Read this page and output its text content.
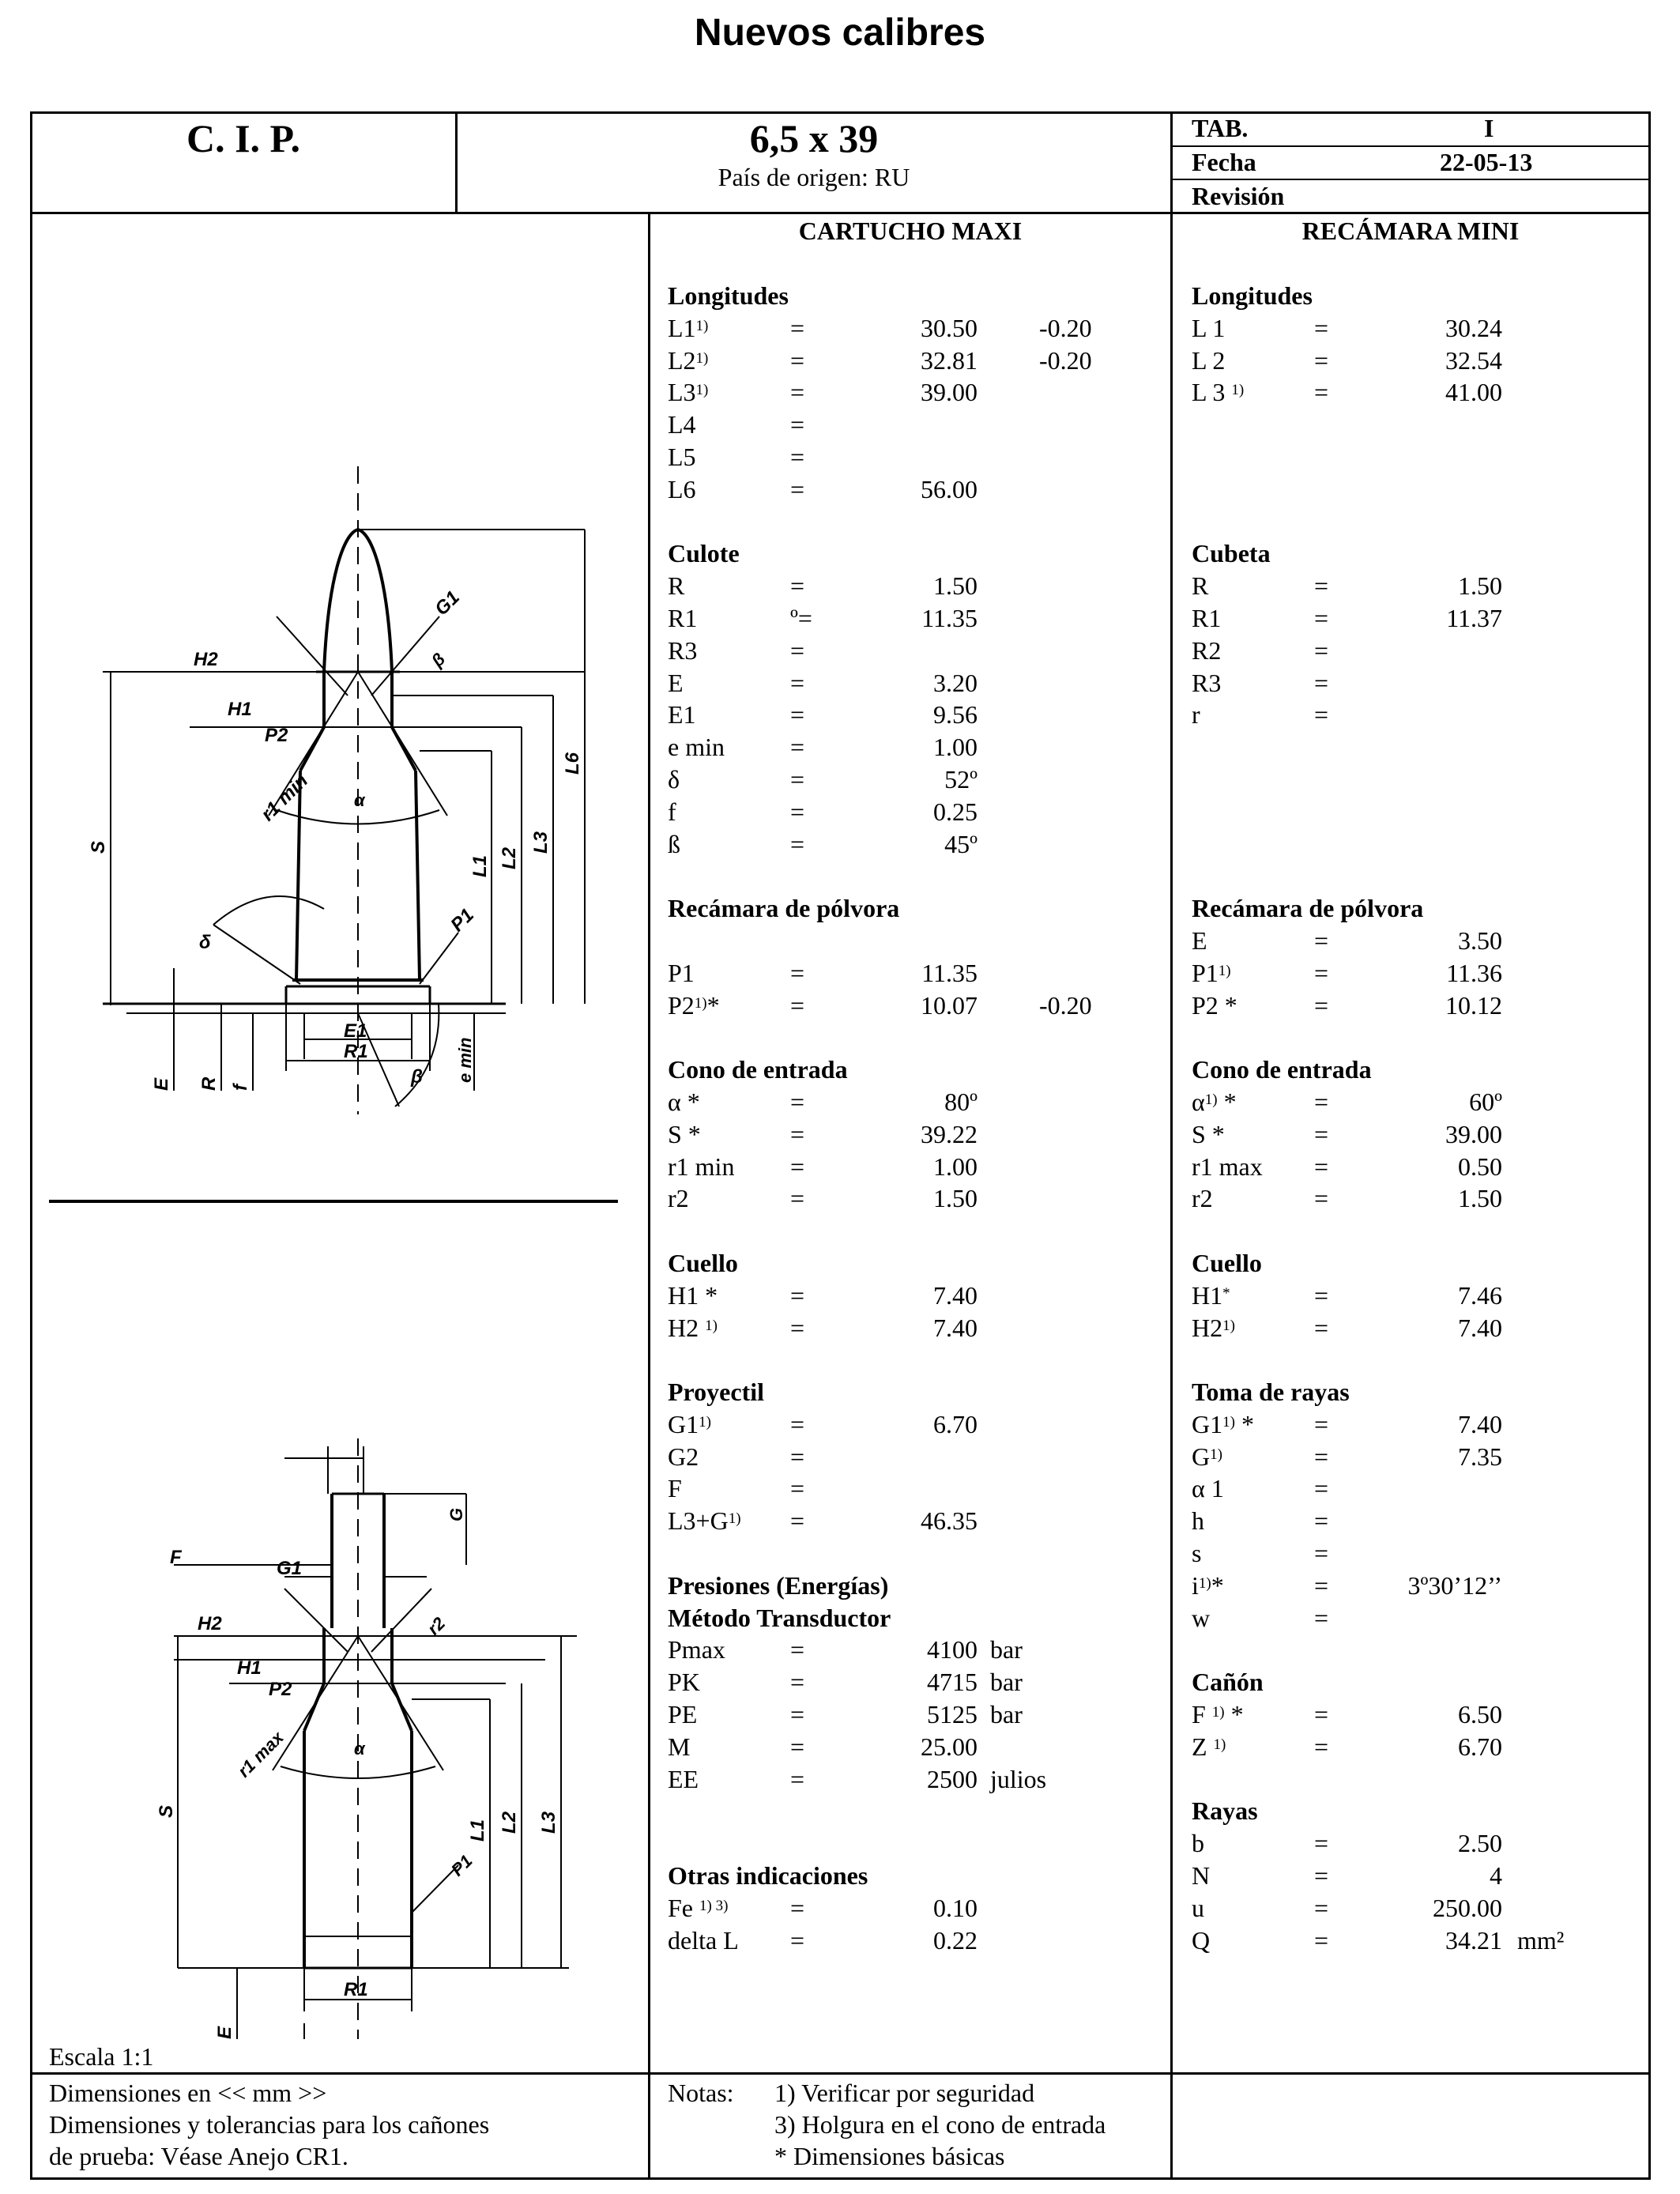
Nuevos calibres
C. I. P.	6,5 x 39
País de origen: RU
TAB.	I
Fecha	22-05-13
Revisión
CARTUCHO MAXI	RECÁMARA MINI
Longitudes
$L1^{1)}$	=	30.50 -0.20
$L2^{1)}$	=	32.81 -0.20
$L3^{1)}$	=	39.00
L4	=
L5	=
L6	=	56.00
Culote
R	=	1.50
R1	º=	11.35
R3	=
E	=	3.20
E1	=	9.56
e min	=	1.00
δ	=	52º
f	=	0.25
ß	=	45º
Recámara de pólvora
P1	=	11.35
$P2^{1)}*$	=	10.07 -0.20
Cono de entrada
α *	=	80º
S *	=	39.22
r1 min =	1.00
r2	=	1.50
Cuello
H1 *	=	7.40
H2 $^{1)}$	=	7.40
Proyectil
$G1^{1)}$	=	6.70
G2	=
F	=
$L3+G^{1)}$ =	46.35
Presiones (Energías)
Método Transductor
Pmax	=	4100 bar
PK	=	4715 bar
PE	=	5125 bar
M	=	25.00
EE	=	2500 julios
Otras indicaciones
Fe $^{1) 3)}$ =	0.10
delta L =	0.22
Longitudes
L 1	=	30.24
L 2	=	32.54
L 3 $^{1)}$	=	41.00
Cubeta
R	=	1.50
R1	=	11.37
R2	=
R3	=
r	=
Recámara de pólvora
E	=	3.50
$P1^{1)}$	=	11.36
P2 *	=	10.12
Cono de entrada
$\alpha^{1)}$ *	=	60º
S *	=	39.00
r1 max =	0.50
r2	=	1.50
Cuello
H1*	=	7.46
$H2^{1)}$	=	7.40
Toma de rayas
G1$^{1)}$ * =	7.40
$G^{1)}$	=	7.35
α 1	=
h	=
s	=
$i^{1)}*$	=	3º30’12’’
w	=
Cañón
F $^{1)}$ *	=	6.50
Z $^{1)}$	=	6.70
Rayas
b	=	2.50
N	=	4
u	=	250.00
Q	=	34.21 mm²
Escala 1:1
Dimensiones en << mm >>
Dimensiones y tolerancias para los cañones
de prueba: Véase Anejo CR1.
Notas: 1) Verificar por seguridad
3) Holgura en el cono de entrada
* Dimensiones básicas
G1
H2
H1
P2
r1 min α
β
S
L1 L2
L3
L6
P1
δ
E1
R1
β e min
E R f
F
G1
G
H2
H1
P2
r1 max	α
r2
S
L1 L2 L3
P1
R1
E
